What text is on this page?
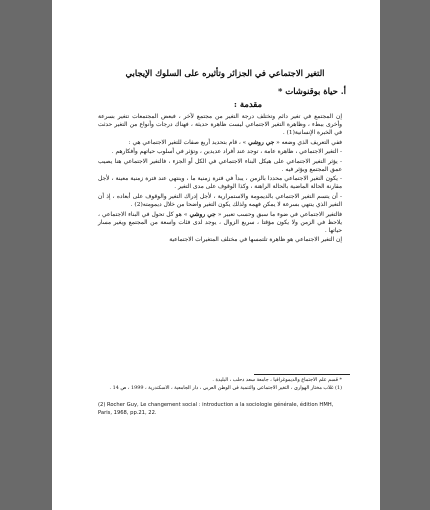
التغير الاجتماعي في الجزائر وتأثيره على السلوك الإيجابي
أ. حياة بوقنوشات *
مقدمة :

إن المجتمع في تغير دائم وتختلف درجة التغير من مجتمع لآخر ، فبعض المجتمعات تتغير بسرعة وأخرى ببطء ، وظاهرة التغير الاجتماعي ليست ظاهرة حديثة ، فهناك درجات وأنواع من التغير حدثت في الخبرة الإنسانية(1) .

ففي التعريف الذي وضعه « جي روشي » ، قام بتحديد أربع صفات للتغير الاجتماعي هي :

- التغير الاجتماعي ، ظاهرة عامة ، توجد عند أفراد عديدين ، وتؤثر في أسلوب حياتهم وأفكارهم .

- يؤثر التغير الاجتماعي على هيكل البناء الاجتماعي في الكل أو الجزء ، فالتغير الاجتماعي هنا يصيب عمق المجتمع ويؤثر فيه .

- يكون التغير الاجتماعي محددا بالزمن ، يبدأ في فترة زمنية ما ، وينتهي عند فترة زمنية معينة ، لأجل مقارنة الحالة الماضية بالحالة الراهنة ، وكذا الوقوف على مدى التغير .

- أن يتسم التغير الاجتماعي بالديمومة والاستمرارية ، لأجل إدراك التغير والوقوف على أبعاده ، إذ أن التغير الذي ينتهي بسرعة لا يمكن فهمه ولذلك يكون التغير واضحا من خلال ديمومته(2) .

فالتغير الاجتماعي في ضوء ما سبق وحسب تعبير « جي روشي » هو كل تحول في البناء الاجتماعي ، يلاحظ في الزمن ولا يكون مؤقتا ، سريع الزوال ، يوجد لدى فئات واسعة من المجتمع ويغير مسار حياتها .

إن التغير الاجتماعي هو ظاهرة تلتمسها في مختلف المتغيرات الاجتماعية

* قسم علم الاجتماع والديموغرافيا ، جامعة سعد دحلب ، البليدة .

(1) غلاب مختار الهواري ، التغير الاجتماعي والتنمية في الوطن العربي ، دار الجامعية ، الاسكندرية ، 1999 ، ص 14 .

(2) Rocher Guy, Le changement social : introduction a la sociologie générale, édition HMH, Paris, 1968, pp.21, 22.
